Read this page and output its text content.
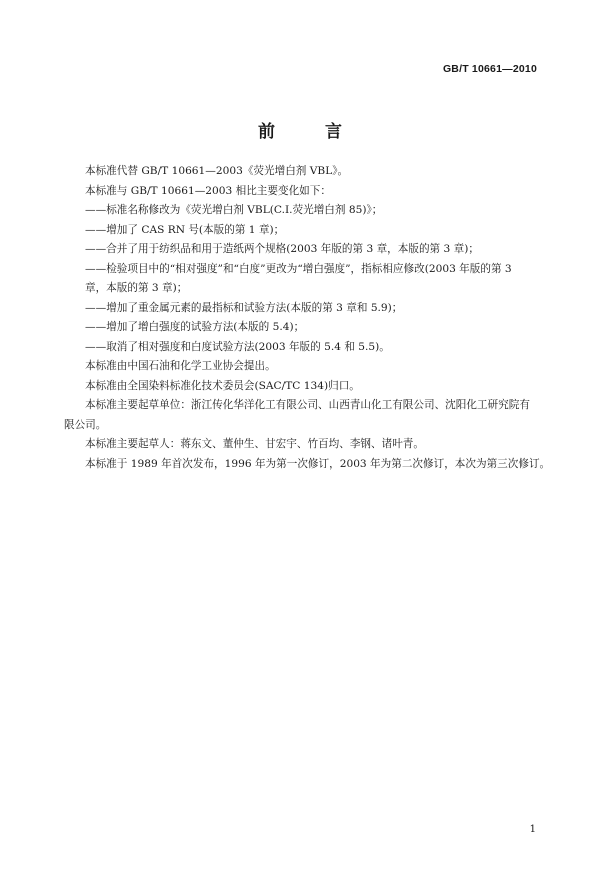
GB/T 10661—2010
前 言

本标准代替 GB/T 10661—2003《荧光增白剂 VBL》。

本标准与 GB/T 10661—2003 相比主要变化如下：

——标准名称修改为《荧光增白剂 VBL(C.I.荧光增白剂 85)》；

——增加了 CAS RN 号(本版的第 1 章)；

——合并了用于纺织品和用于造纸两个规格(2003 年版的第 3 章，本版的第 3 章)；

——检验项目中的“相对强度”和“白度”更改为“增白强度”，指标相应修改(2003 年版的第 3 章，本版的第 3 章)；

——增加了重金属元素的最指标和试验方法(本版的第 3 章和 5.9)；

——增加了增白强度的试验方法(本版的 5.4)；

——取消了相对强度和白度试验方法(2003 年版的 5.4 和 5.5)。

本标准由中国石油和化学工业协会提出。

本标准由全国染料标准化技术委员会(SAC/TC 134)归口。

本标准主要起草单位：浙江传化华洋化工有限公司、山西青山化工有限公司、沈阳化工研究院有限公司。

本标准主要起草人：蒋东文、董仲生、甘宏宇、竹百均、李钢、诸叶青。

本标准于 1989 年首次发布，1996 年为第一次修订，2003 年为第二次修订，本次为第三次修订。

1
